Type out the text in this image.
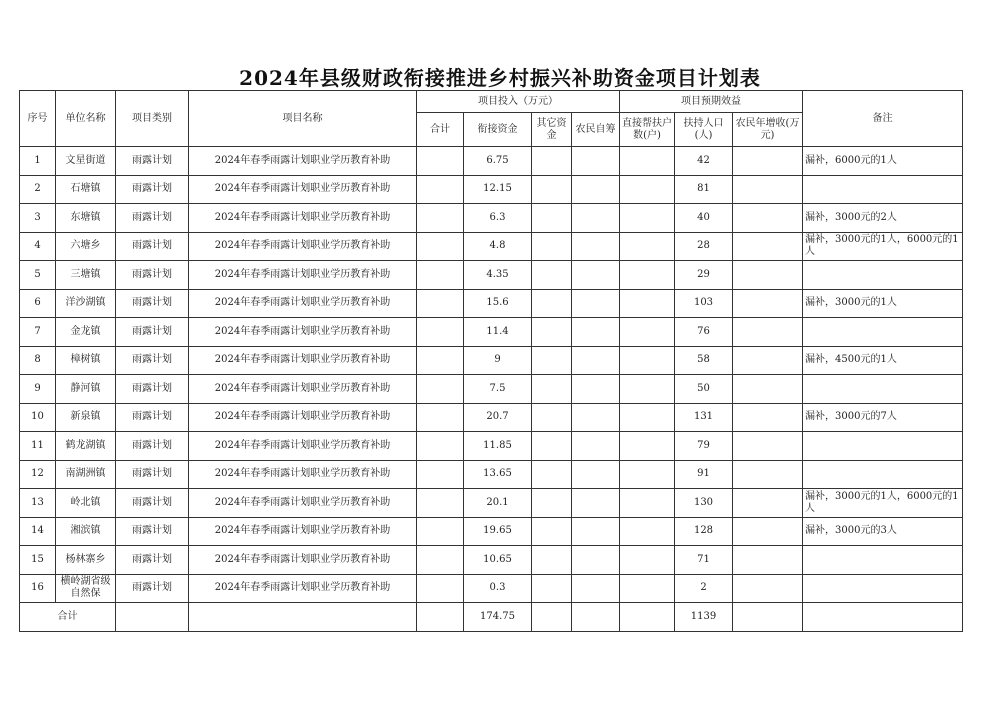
2024年县级财政衔接推进乡村振兴补助资金项目计划表
序号	单位名称	项目类别	项目名称	项目投入（万元）				项目预期效益			备注
				合计	衔接资金	其它资金	农民自筹	直接帮扶户数(户)	扶持人口(人)	农民年增收(万元)	
1	文星街道	雨露计划	2024年春季雨露计划职业学历教育补助		6.75				42		漏补，6000元的1人
2	石塘镇	雨露计划	2024年春季雨露计划职业学历教育补助		12.15				81		
3	东塘镇	雨露计划	2024年春季雨露计划职业学历教育补助		6.3				40		漏补，3000元的2人
4	六塘乡	雨露计划	2024年春季雨露计划职业学历教育补助		4.8				28		漏补，3000元的1人，6000元的1人
5	三塘镇	雨露计划	2024年春季雨露计划职业学历教育补助		4.35				29		
6	洋沙湖镇	雨露计划	2024年春季雨露计划职业学历教育补助		15.6				103		漏补，3000元的1人
7	金龙镇	雨露计划	2024年春季雨露计划职业学历教育补助		11.4				76		
8	樟树镇	雨露计划	2024年春季雨露计划职业学历教育补助		9				58		漏补，4500元的1人
9	静河镇	雨露计划	2024年春季雨露计划职业学历教育补助		7.5				50		
10	新泉镇	雨露计划	2024年春季雨露计划职业学历教育补助		20.7				131		漏补，3000元的7人
11	鹤龙湖镇	雨露计划	2024年春季雨露计划职业学历教育补助		11.85				79		
12	南湖洲镇	雨露计划	2024年春季雨露计划职业学历教育补助		13.65				91		
13	岭北镇	雨露计划	2024年春季雨露计划职业学历教育补助		20.1				130		漏补，3000元的1人，6000元的1人
14	湘滨镇	雨露计划	2024年春季雨露计划职业学历教育补助		19.65				128		漏补，3000元的3人
15	杨林寨乡	雨露计划	2024年春季雨露计划职业学历教育补助		10.65				71		
16	横岭湖省级自然保	雨露计划	2024年春季雨露计划职业学历教育补助		0.3				2		
合计					174.75				1139		
